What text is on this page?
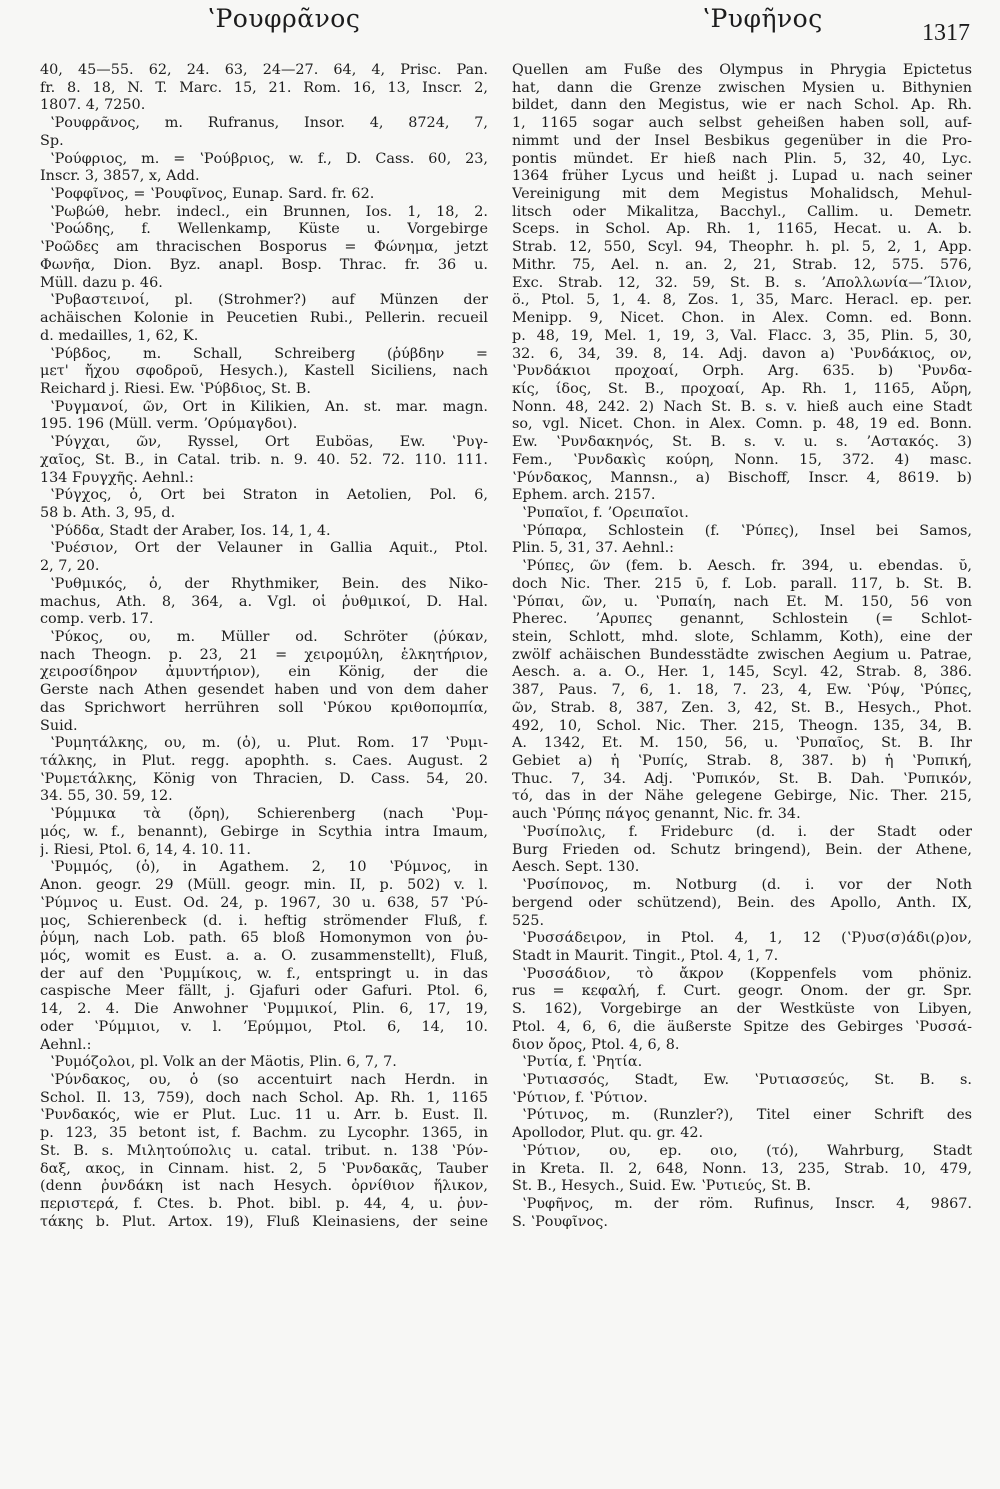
ʽΡουφρᾶνος	ʽΡυφῆνος	1317
40, 45—55. 62, 24. 63, 24—27. 64, 4, Prisc. Pan.
fr. 8. 18, N. T. Marc. 15, 21. Rom. 16, 13, Inscr. 2,
1807. 4, 7250.
ʽΡουφρᾶνος, m. Rufranus, Insor. 4, 8724, 7,
Sp.
ʽΡούφριος, m. = ʽΡούβριος, w. f., D. Cass. 60, 23,
Inscr. 3, 3857, x, Add.
ʽΡοφφῖνος, = ʽΡουφῖνος, Eunap. Sard. fr. 62.
ʽΡωβώθ, hebr. indecl., ein Brunnen, Ios. 1, 18, 2.
ʽΡοώδης, f. Wellenkamp, Küste u. Vorgebirge
ʽΡοῶδες am thracischen Bosporus = Φώνημα, jetzt
Φωνῆα, Dion. Byz. anapl. Bosp. Thrac. fr. 36 u.
Müll. dazu p. 46.
ʽΡυβαστεινοί, pl. (Strohmer?) auf Münzen der
achäischen Kolonie in Peucetien Rubi., Pellerin. recueil
d. medailles, 1, 62, K.
ʽΡύβδος, m. Schall, Schreiberg (ῥύβδην =
μετ' ἤχου σφοδροῦ, Hesych.), Kastell Siciliens, nach
Reichard j. Riesi. Ew. ʽΡύβδιος, St. B.
ʽΡυγμανοί, ῶν, Ort in Kilikien, An. st. mar. magn.
195. 196 (Müll. verm. ʼΟρύμαγδοι).
ʽΡύγχαι, ῶν, Ryssel, Ort Euböas, Ew. ʽΡυγ-
χαῖος, St. B., in Catal. trib. n. 9. 40. 52. 72. 110. 111.
134 Ϝρυγχῆς. Aehnl.:
ʽΡύγχος, ὁ, Ort bei Straton in Aetolien, Pol. 6,
58 b. Ath. 3, 95, d.
ʽΡύδδα, Stadt der Araber, Ios. 14, 1, 4.
ʽΡυέσιον, Ort der Velauner in Gallia Aquit., Ptol.
2, 7, 20.
ʽΡυθμικός, ὁ, der Rhythmiker, Bein. des Niko-
machus, Ath. 8, 364, a. Vgl. οἱ ῥυθμικοί, D. Hal.
comp. verb. 17.
ʽΡύκος, ου, m. Müller od. Schröter (ῥύκαν,
nach Theogn. p. 23, 21 = χειρομύλη, ἑλκητήριον,
χειροσίδηρον ἀμυντήριον), ein König, der die
Gerste nach Athen gesendet haben und von dem daher
das Sprichwort herrühren soll ʽΡύκου κριθοπομπία,
Suid.
ʽΡυμητάλκης, ου, m. (ὁ), u. Plut. Rom. 17 ʽΡυμι-
τάλκης, in Plut. regg. apophth. s. Caes. August. 2
ʽΡυμετάλκης, König von Thracien, D. Cass. 54, 20.
34. 55, 30. 59, 12.
ʽΡύμμικα τὰ (ὄρη), Schierenberg (nach ʽΡυμ-
μός, w. f., benannt), Gebirge in Scythia intra Imaum,
j. Riesi, Ptol. 6, 14, 4. 10. 11.
ʽΡυμμός, (ὁ), in Agathem. 2, 10 ʽΡύμνος, in
Anon. geogr. 29 (Müll. geogr. min. II, p. 502) v. l.
ʽΡύμνος u. Eust. Od. 24, p. 1967, 30 u. 638, 57 ʽΡύ-
μος, Schierenbeck (d. i. heftig strömender Fluß, f.
ῥύμη, nach Lob. path. 65 bloß Homonymon von ῥυ-
μός, womit es Eust. a. a. O. zusammenstellt), Fluß,
der auf den ʽΡυμμίκοις, w. f., entspringt u. in das
caspische Meer fällt, j. Gjafuri oder Gafuri. Ptol. 6,
14, 2. 4. Die Anwohner ʽΡυμμικοί, Plin. 6, 17, 19,
oder ʽΡύμμιοι, v. l. ʼΕρύμμοι, Ptol. 6, 14, 10.
Aehnl.:
ʽΡυμόζολοι, pl. Volk an der Mäotis, Plin. 6, 7, 7.
ʽΡύνδακος, ου, ὁ (so accentuirt nach Herdn. in
Schol. Il. 13, 759), doch nach Schol. Ap. Rh. 1, 1165
ʽΡυνδακός, wie er Plut. Luc. 11 u. Arr. b. Eust. Il.
p. 123, 35 betont ist, f. Bachm. zu Lycophr. 1365, in
St. B. s. Μιλητούπολις u. catal. tribut. n. 138 ʽΡύν-
δαξ, ακος, in Cinnam. hist. 2, 5 ʽΡυνδακᾶς, Tauber
(denn ῥυνδάκη ist nach Hesych. ὀρνίθιον ἥλικον,
περιστερά, f. Ctes. b. Phot. bibl. p. 44, 4, u. ῥυν-
τάκης b. Plut. Artox. 19), Fluß Kleinasiens, der seine
Quellen am Fuße des Olympus in Phrygia Epictetus
hat, dann die Grenze zwischen Mysien u. Bithynien
bildet, dann den Megistus, wie er nach Schol. Ap. Rh.
1, 1165 sogar auch selbst geheißen haben soll, auf-
nimmt und der Insel Besbikus gegenüber in die Pro-
pontis mündet. Er hieß nach Plin. 5, 32, 40, Lyc.
1364 früher Lycus und heißt j. Lupad u. nach seiner
Vereinigung mit dem Megistus Mohalidsch, Mehul-
litsch oder Mikalitza, Bacchyl., Callim. u. Demetr.
Sceps. in Schol. Ap. Rh. 1, 1165, Hecat. u. A. b.
Strab. 12, 550, Scyl. 94, Theophr. h. pl. 5, 2, 1, App.
Mithr. 75, Ael. n. an. 2, 21, Strab. 12, 575. 576,
Exc. Strab. 12, 32. 59, St. B. s. ʼΑπολλωνία—ʼΊλιον,
ö., Ptol. 5, 1, 4. 8, Zos. 1, 35, Marc. Heracl. ep. per.
Menipp. 9, Nicet. Chon. in Alex. Comn. ed. Bonn.
p. 48, 19, Mel. 1, 19, 3, Val. Flacc. 3, 35, Plin. 5, 30,
32. 6, 34, 39. 8, 14. Adj. davon a) ʽΡυνδάκιος, ον,
ʽΡυνδάκιοι προχοαί, Orph. Arg. 635. b) ʽΡυνδα-
κίς, ίδος, St. B., προχοαί, Ap. Rh. 1, 1165, Αὔρη,
Nonn. 48, 242. 2) Nach St. B. s. v. hieß auch eine Stadt
so, vgl. Nicet. Chon. in Alex. Comn. p. 48, 19 ed. Bonn.
Ew. ʽΡυνδακηνός, St. B. s. v. u. s. ʼΑστακός. 3)
Fem., ʽΡυνδακὶς κούρη, Nonn. 15, 372. 4) masc.
ʽΡύνδακος, Mannsn., a) Bischoff, Inscr. 4, 8619. b)
Ephem. arch. 2157.
ʽΡυπαῖοι, f. ʼΟρειπαῖοι.
ʽΡύπαρα, Schlostein (f. ʽΡύπες), Insel bei Samos,
Plin. 5, 31, 37. Aehnl.:
ʽΡύπες, ῶν (fem. b. Aesch. fr. 394, u. ebendas. ῠ,
doch Nic. Ther. 215 ῡ, f. Lob. parall. 117, b. St. B.
ʽΡύπαι, ῶν, u. ʽΡυπαίη, nach Et. M. 150, 56 von
Pherec. ʼΑρυπες genannt, Schlostein (= Schlot-
stein, Schlott, mhd. slote, Schlamm, Koth), eine der
zwölf achäischen Bundesstädte zwischen Aegium u. Patrae,
Aesch. a. a. O., Her. 1, 145, Scyl. 42, Strab. 8, 386.
387, Paus. 7, 6, 1. 18, 7. 23, 4, Ew. ʽΡύψ, ʽΡύπες,
ῶν, Strab. 8, 387, Zen. 3, 42, St. B., Hesych., Phot.
492, 10, Schol. Nic. Ther. 215, Theogn. 135, 34, B.
A. 1342, Et. M. 150, 56, u. ʽΡυπαῖος, St. B. Ihr
Gebiet a) ἡ ʽΡυπίς, Strab. 8, 387. b) ἡ ʽΡυπική,
Thuc. 7, 34. Adj. ʽΡυπικόν, St. B. Dah. ʽΡυπικόν,
τό, das in der Nähe gelegene Gebirge, Nic. Ther. 215,
auch ʽΡύπης πάγος genannt, Nic. fr. 34.
ʽΡυσίπολις, f. Frideburc (d. i. der Stadt oder
Burg Frieden od. Schutz bringend), Bein. der Athene,
Aesch. Sept. 130.
ʽΡυσίπονος, m. Notburg (d. i. vor der Noth
bergend oder schützend), Bein. des Apollo, Anth. IX,
525.
ʽΡυσσάδειρον, in Ptol. 4, 1, 12 (ʽΡ)υσ(σ)άδι(ρ)ον,
Stadt in Maurit. Tingit., Ptol. 4, 1, 7.
ʽΡυσσάδιον, τὸ ἄκρον (Koppenfels vom phöniz.
rus = κεφαλή, f. Curt. geogr. Onom. der gr. Spr.
S. 162), Vorgebirge an der Westküste von Libyen,
Ptol. 4, 6, 6, die äußerste Spitze des Gebirges ʽΡυσσά-
διον ὄρος, Ptol. 4, 6, 8.
ʽΡυτία, f. ʽΡητία.
ʽΡυτιασσός, Stadt, Ew. ʽΡυτιασσεύς, St. B. s.
ʽΡύτιον, f. ʽΡύτιον.
ʽΡύτινος, m. (Runzler?), Titel einer Schrift des
Apollodor, Plut. qu. gr. 42.
ʽΡύτιον, ου, ep. οιο, (τό), Wahrburg, Stadt
in Kreta. Il. 2, 648, Nonn. 13, 235, Strab. 10, 479,
St. B., Hesych., Suid. Ew. ʽΡυτιεύς, St. B.
ʽΡυφῆνος, m. der röm. Rufinus, Inscr. 4, 9867.
S. ʽΡουφῖνος.
